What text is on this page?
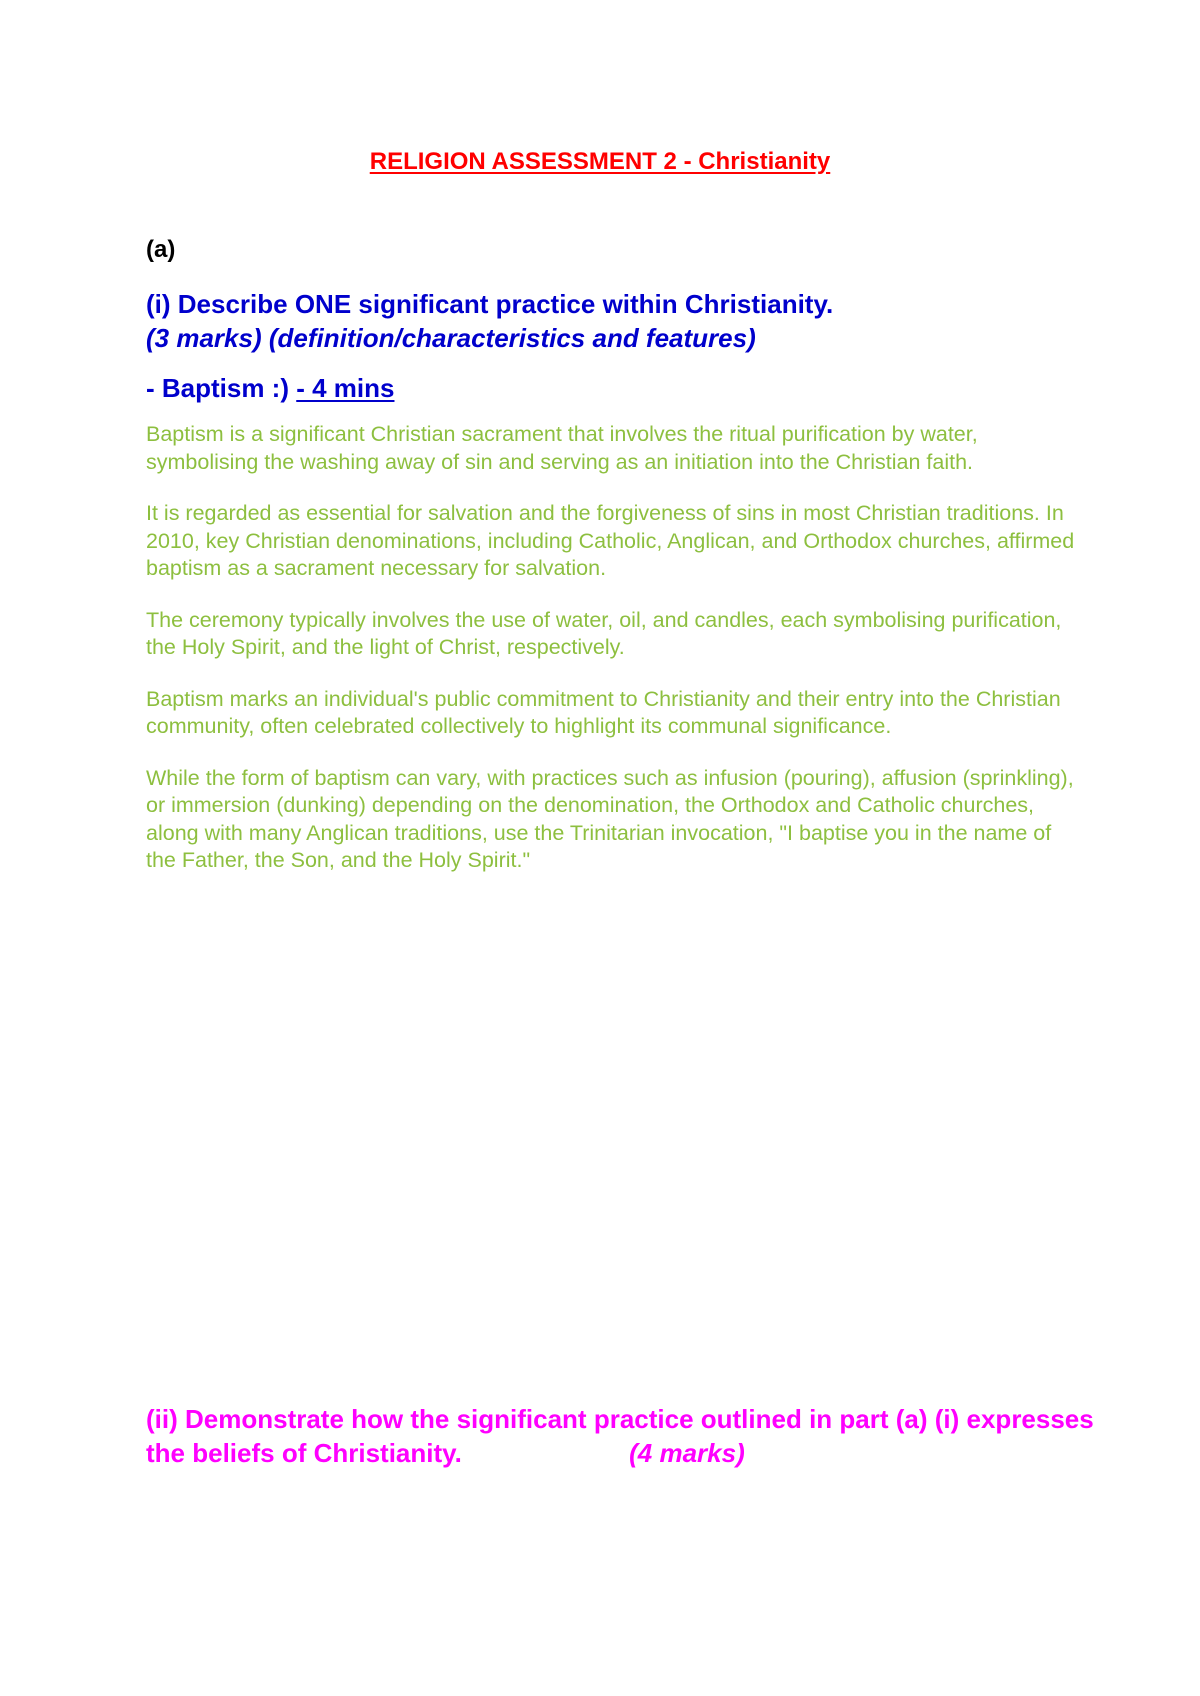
RELIGION ASSESSMENT 2 - Christianity
(a)
(i) Describe ONE significant practice within Christianity.
(3 marks) (definition/characteristics and features)
- Baptism :) - 4 mins

Baptism is a significant Christian sacrament that involves the ritual purification by water, symbolising the washing away of sin and serving as an initiation into the Christian faith.

It is regarded as essential for salvation and the forgiveness of sins in most Christian traditions. In 2010, key Christian denominations, including Catholic, Anglican, and Orthodox churches, affirmed baptism as a sacrament necessary for salvation.

The ceremony typically involves the use of water, oil, and candles, each symbolising purification, the Holy Spirit, and the light of Christ, respectively.

Baptism marks an individual's public commitment to Christianity and their entry into the Christian community, often celebrated collectively to highlight its communal significance.

While the form of baptism can vary, with practices such as infusion (pouring), affusion (sprinkling), or immersion (dunking) depending on the denomination, the Orthodox and Catholic churches, along with many Anglican traditions, use the Trinitarian invocation, "I baptise you in the name of the Father, the Son, and the Holy Spirit."

(ii) Demonstrate how the significant practice outlined in part (a) (i) expresses the beliefs of Christianity.	(4 marks)
